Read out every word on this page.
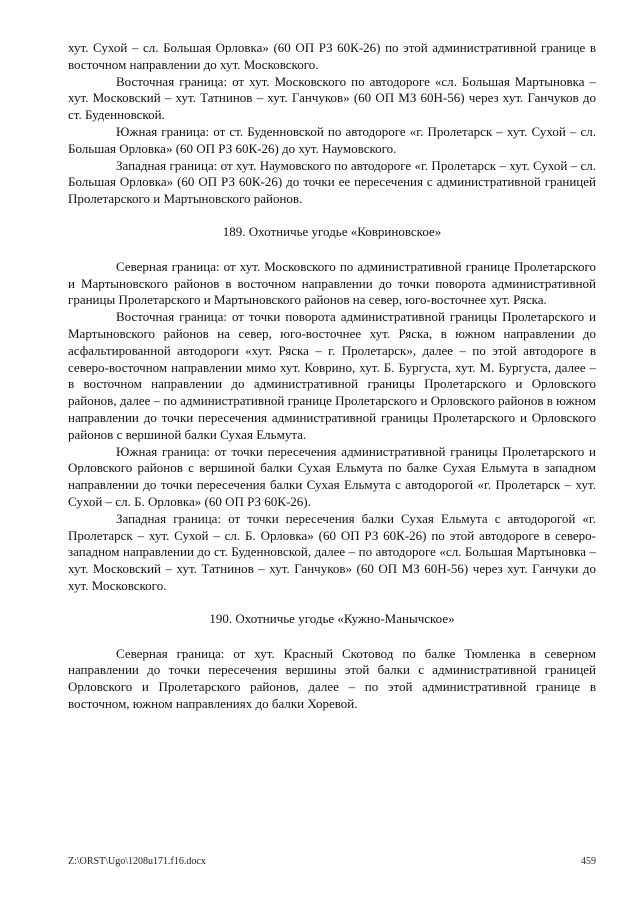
хут. Сухой – сл. Большая Орловка» (60 ОП РЗ 60К-26) по этой административной границе в восточном направлении до хут. Московского.

Восточная граница: от хут. Московского по автодороге «сл. Большая Мартыновка – хут. Московский – хут. Татнинов – хут. Ганчуков» (60 ОП МЗ 60Н-56) через хут. Ганчуков до ст. Буденновской.

Южная граница: от ст. Буденновской по автодороге «г. Пролетарск – хут. Сухой – сл. Большая Орловка» (60 ОП РЗ 60К-26) до хут. Наумовского.

Западная граница: от хут. Наумовского по автодороге «г. Пролетарск – хут. Сухой – сл. Большая Орловка» (60 ОП РЗ 60К-26) до точки ее пересечения с административной границей Пролетарского и Мартыновского районов.

189. Охотничье угодье «Ковриновское»

Северная граница: от хут. Московского по административной границе Пролетарского и Мартыновского районов в восточном направлении до точки поворота административной границы Пролетарского и Мартыновского районов на север, юго-восточнее хут. Ряска.

Восточная граница: от точки поворота административной границы Пролетарского и Мартыновского районов на север, юго-восточнее хут. Ряска, в южном направлении до асфальтированной автодороги «хут. Ряска – г. Пролетарск», далее – по этой автодороге в северо-восточном направлении мимо хут. Ковринo, хут. Б. Бургуста, хут. М. Бургуста, далее – в восточном направлении до административной границы Пролетарского и Орловского районов, далее – по административной границе Пролетарского и Орловского районов в южном направлении до точки пересечения административной границы Пролетарского и Орловского районов с вершиной балки Сухая Ельмута.

Южная граница: от точки пересечения административной границы Пролетарского и Орловского районов с вершиной балки Сухая Ельмута по балке Сухая Ельмута в западном направлении до точки пересечения балки Сухая Ельмута с автодорогой «г. Пролетарск – хут. Сухой – сл. Б. Орловка» (60 ОП РЗ 60К-26).

Западная граница: от точки пересечения балки Сухая Ельмута с автодорогой «г. Пролетарск – хут. Сухой – сл. Б. Орловка» (60 ОП РЗ 60К-26) по этой автодороге в северо-западном направлении до ст. Буденновской, далее – по автодороге «сл. Большая Мартыновка – хут. Московский – хут. Татнинов – хут. Ганчуков» (60 ОП МЗ 60Н-56) через хут. Ганчуки до хут. Московского.

190. Охотничье угодье «Кужно-Манычское»

Северная граница: от хут. Красный Скотовод по балке Тюмленка в северном направлении до точки пересечения вершины этой балки с административной границей Орловского и Пролетарского районов, далее – по этой административной границе в восточном, южном направлениях до балки Хоревой.

Z:\ORST\Ugo\1208u171.f16.docx	459
